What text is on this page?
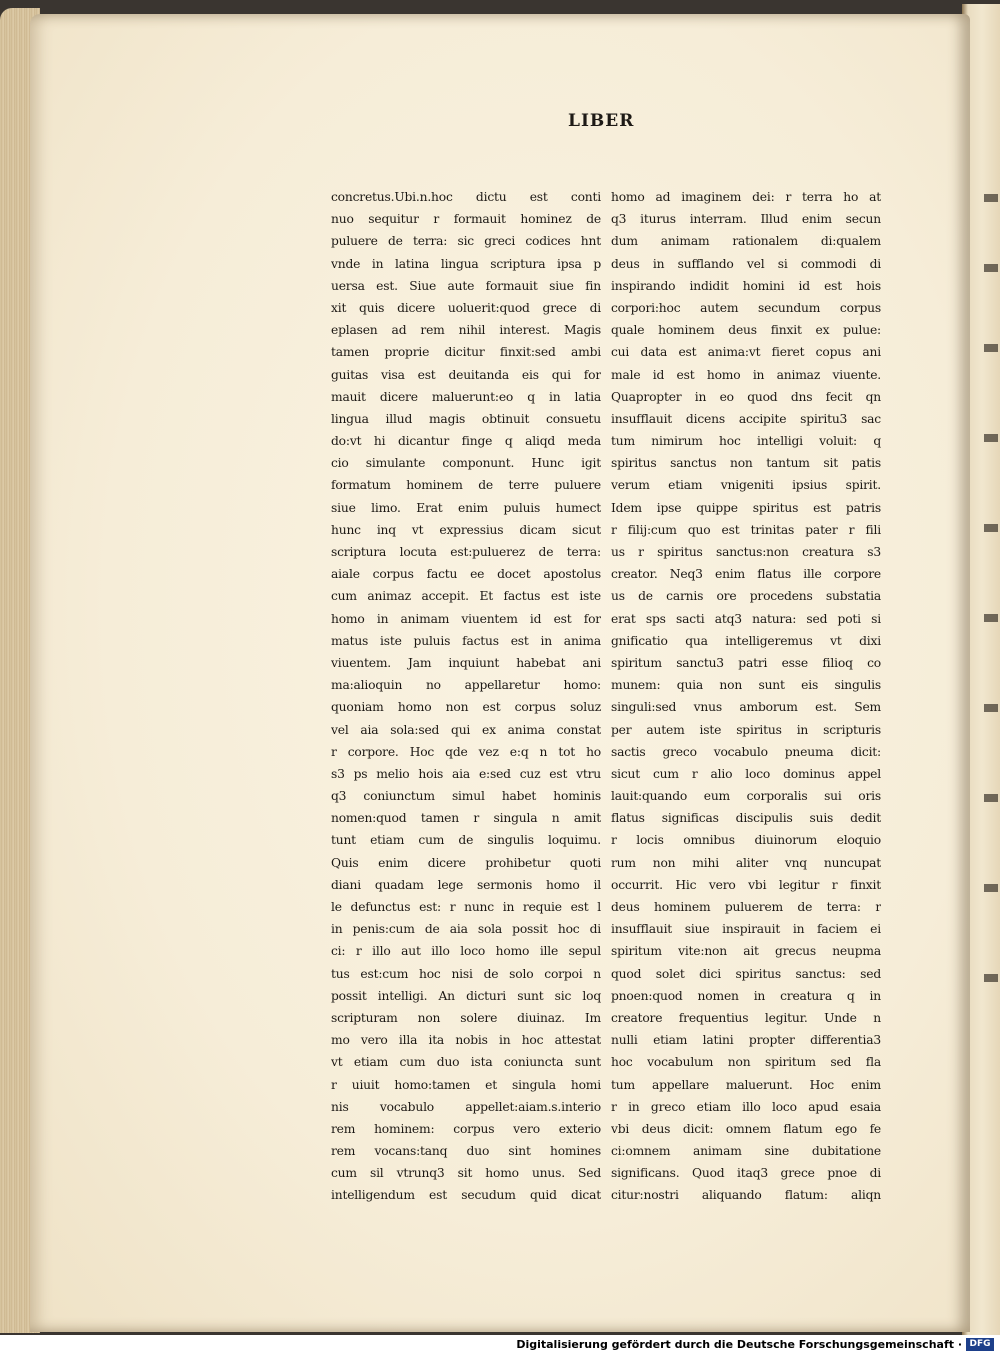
LIBER
concretus.Ubi.n.hoc dictu est conti
nuo sequitur r formauit hominez de
puluere de terra: sic greci codices hnt
vnde in latina lingua scriptura ipsa p
uersa est. Siue aute formauit siue fin
xit quis dicere uoluerit:quod grece di
eplasen ad rem nihil interest. Magis
tamen proprie dicitur finxit:sed ambi
guitas visa est deuitanda eis qui for
mauit dicere maluerunt:eo q in latia
lingua illud magis obtinuit consuetu
do:vt hi dicantur finge q aliqd meda
cio simulante componunt. Hunc igit
formatum hominem de terre puluere
siue limo. Erat enim puluis humect
hunc inq vt expressius dicam sicut
scriptura locuta est:puluerez de terra:
aiale corpus factu ee docet apostolus
cum animaz accepit. Et factus est iste
homo in animam viuentem id est for
matus iste puluis factus est in anima
viuentem. Jam inquiunt habebat ani
ma:alioquin no appellaretur homo:
quoniam homo non est corpus soluz
vel aia sola:sed qui ex anima constat
r corpore. Hoc qde vez e:q n tot ho
s3 ps melio hois aia e:sed cuz est vtru
q3 coniunctum simul habet hominis
nomen:quod tamen r singula n amit
tunt etiam cum de singulis loquimu.
Quis enim dicere prohibetur quoti
diani quadam lege sermonis homo il
le defunctus est: r nunc in requie est l
in penis:cum de aia sola possit hoc di
ci: r illo aut illo loco homo ille sepul
tus est:cum hoc nisi de solo corpoi n
possit intelligi. An dicturi sunt sic loq
scripturam non solere diuinaz. Im
mo vero illa ita nobis in hoc attestat
vt etiam cum duo ista coniuncta sunt
r uiuit homo:tamen et singula homi
nis vocabulo appellet:aiam.s.interio
rem hominem: corpus vero exterio
rem vocans:tanq duo sint homines
cum sil vtrunq3 sit homo unus. Sed
intelligendum est secudum quid dicat
homo ad imaginem dei: r terra ho at
q3 iturus interram. Illud enim secun
dum animam rationalem di:qualem
deus in sufflando vel si commodi di
inspirando indidit homini id est hois
corpori:hoc autem secundum corpus
quale hominem deus finxit ex pulue:
cui data est anima:vt fieret copus ani
male id est homo in animaz viuente.
Quapropter in eo quod dns fecit qn
insufflauit dicens accipite spiritu3 sac
tum nimirum hoc intelligi voluit: q
spiritus sanctus non tantum sit patis
verum etiam vnigeniti ipsius spirit.
Idem ipse quippe spiritus est patris
r filij:cum quo est trinitas pater r fili
us r spiritus sanctus:non creatura s3
creator. Neq3 enim flatus ille corpore
us de carnis ore procedens substatia
erat sps sacti atq3 natura: sed poti si
gnificatio qua intelligeremus vt dixi
spiritum sanctu3 patri esse filioq co
munem: quia non sunt eis singulis
singuli:sed vnus amborum est. Sem
per autem iste spiritus in scripturis
sactis greco vocabulo pneuma dicit:
sicut cum r alio loco dominus appel
lauit:quando eum corporalis sui oris
flatus significas discipulis suis dedit
r locis omnibus diuinorum eloquio
rum non mihi aliter vnq nuncupat
occurrit. Hic vero vbi legitur r finxit
deus hominem puluerem de terra: r
insufflauit siue inspirauit in faciem ei
spiritum vite:non ait grecus neupma
quod solet dici spiritus sanctus: sed
pnoen:quod nomen in creatura q in
creatore frequentius legitur. Unde n
nulli etiam latini propter differentia3
hoc vocabulum non spiritum sed fla
tum appellare maluerunt. Hoc enim
r in greco etiam illo loco apud esaia
vbi deus dicit: omnem flatum ego fe
ci:omnem animam sine dubitatione
significans. Quod itaq3 grece pnoe di
citur:nostri aliquando flatum: aliqn
Digitalisierung gefördert durch die Deutsche Forschungsgemeinschaft · DFG
